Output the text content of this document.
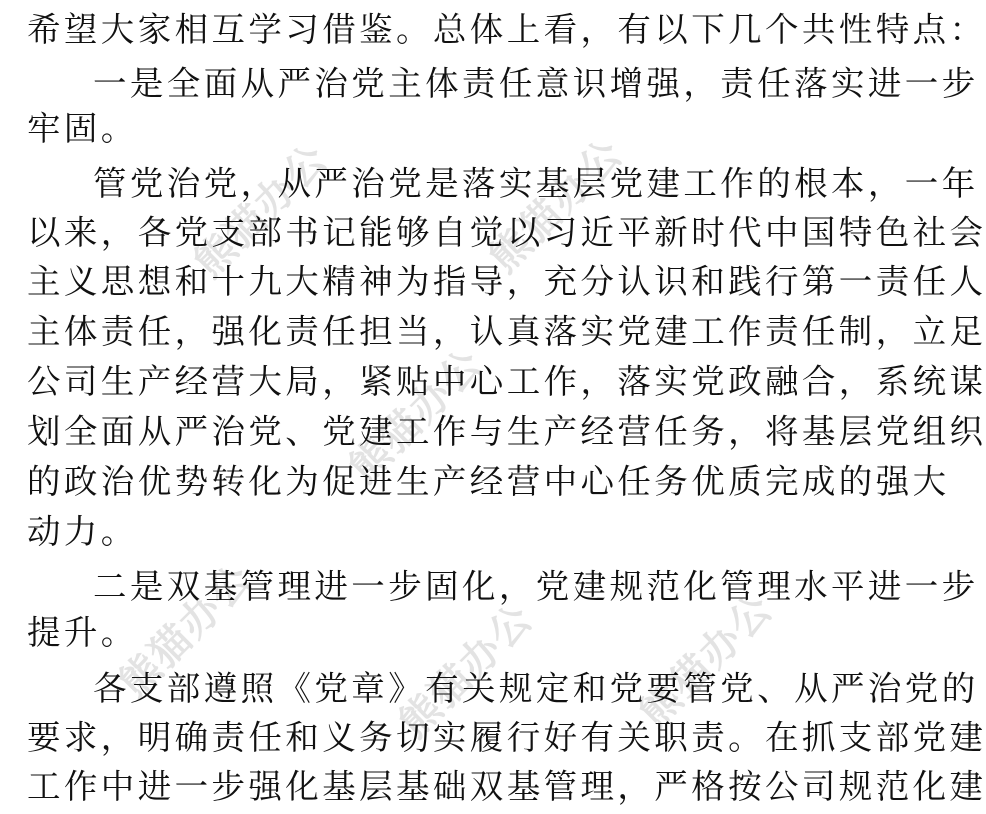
熊猫办公	熊猫办公
熊猫办公
熊猫办公	熊猫办公 熊猫办公
希望大家相互学习借鉴。总体上看，有以下几个共性特点：
一是全面从严治党主体责任意识增强，责任落实进一步
牢固。
管党治党，从严治党是落实基层党建工作的根本，一年
以来，各党支部书记能够自觉以习近平新时代中国特色社会
主义思想和十九大精神为指导，充分认识和践行第一责任人
主体责任，强化责任担当，认真落实党建工作责任制，立足
公司生产经营大局，紧贴中心工作，落实党政融合，系统谋
划全面从严治党、党建工作与生产经营任务，将基层党组织
的政治优势转化为促进生产经营中心任务优质完成的强大
动力。
二是双基管理进一步固化，党建规范化管理水平进一步
提升。
各支部遵照《党章》有关规定和党要管党、从严治党的
要求，明确责任和义务切实履行好有关职责。在抓支部党建
工作中进一步强化基层基础双基管理，严格按公司规范化建
